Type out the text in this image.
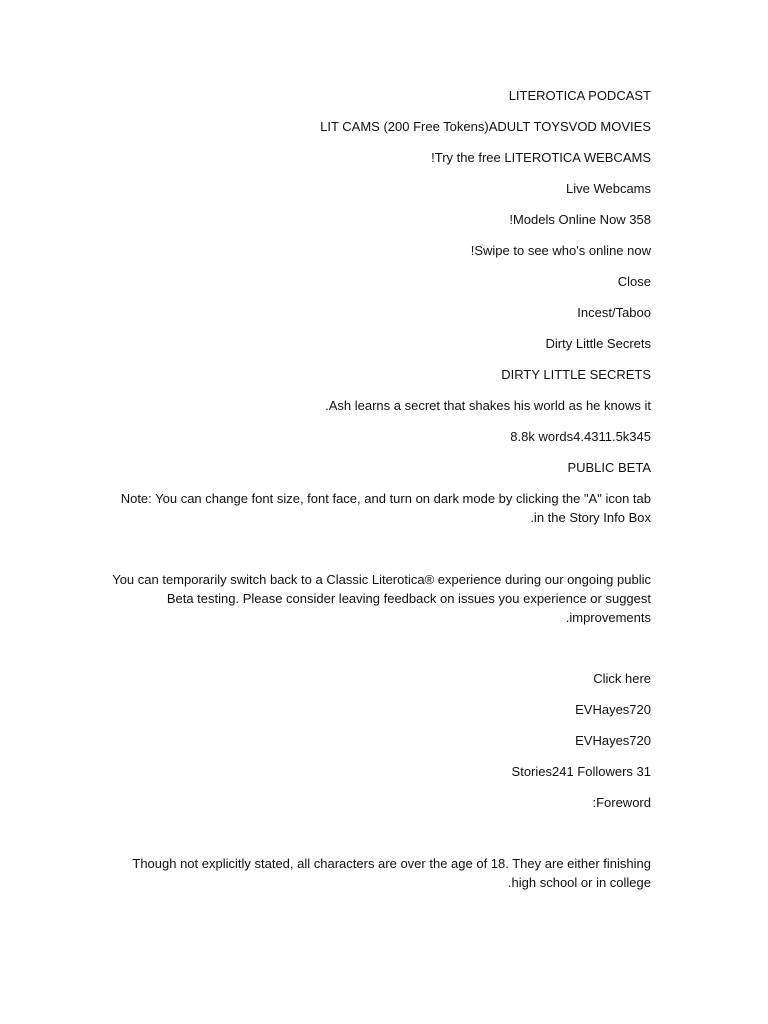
LITEROTICA PODCAST
LIT CAMS (200 Free Tokens)ADULT TOYSVOD MOVIES
!Try the free LITEROTICA WEBCAMS
Live Webcams
!Models Online Now 358
!Swipe to see who's online now
Close
Incest/Taboo
Dirty Little Secrets
DIRTY LITTLE SECRETS
.Ash learns a secret that shakes his world as he knows it
8.8k words4.4311.5k345
PUBLIC BETA
Note: You can change font size, font face, and turn on dark mode by clicking the "A" icon tab
.in the Story Info Box
You can temporarily switch back to a Classic Literotica® experience during our ongoing public
Beta testing. Please consider leaving feedback on issues you experience or suggest
.improvements
Click here
EVHayes720
EVHayes720
Stories241 Followers 31
:Foreword
Though not explicitly stated, all characters are over the age of 18. They are either finishing
.high school or in college
